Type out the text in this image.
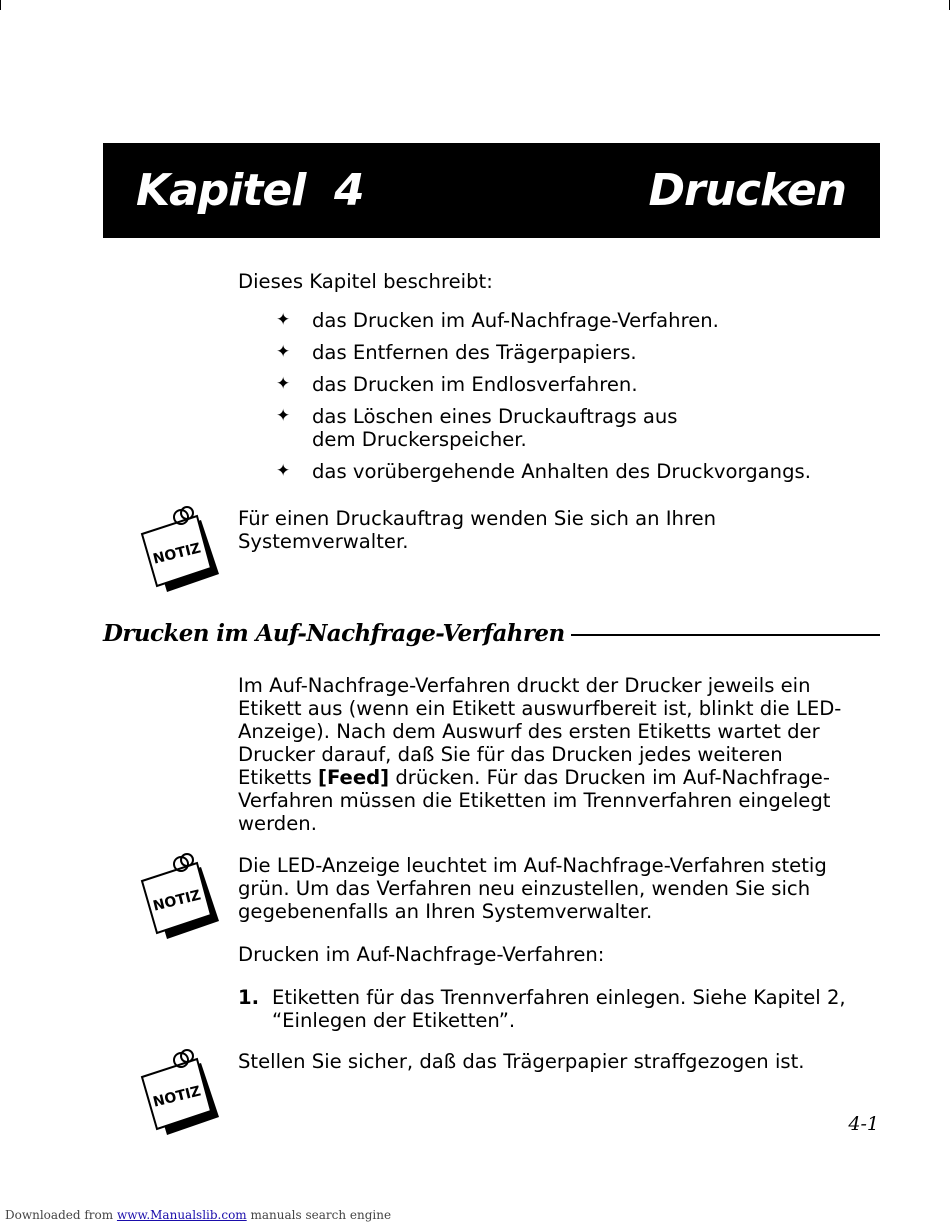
Kapitel  4	Drucken
Dieses Kapitel beschreibt:
✦ das Drucken im Auf-Nachfrage-Verfahren.
✦ das Entfernen des Trägerpapiers.
✦ das Drucken im Endlosverfahren.
✦ das Löschen eines Druckauftrags aus dem Druckerspeicher.
✦ das vorübergehende Anhalten des Druckvorgangs.
NOTIZ
Für einen Druckauftrag wenden Sie sich an Ihren Systemverwalter.
Drucken im Auf-Nachfrage-Verfahren
Im Auf-Nachfrage-Verfahren druckt der Drucker jeweils ein Etikett aus (wenn ein Etikett auswurfbereit ist, blinkt die LED-Anzeige). Nach dem Auswurf des ersten Etiketts wartet der Drucker darauf, daß Sie für das Drucken jedes weiteren Etiketts [Feed] drücken. Für das Drucken im Auf-Nachfrage-Verfahren müssen die Etiketten im Trennverfahren eingelegt werden.
NOTIZ
Die LED-Anzeige leuchtet im Auf-Nachfrage-Verfahren stetig grün. Um das Verfahren neu einzustellen, wenden Sie sich gegebenenfalls an Ihren Systemverwalter.
Drucken im Auf-Nachfrage-Verfahren:
1. Etiketten für das Trennverfahren einlegen. Siehe Kapitel 2, “Einlegen der Etiketten”.
NOTIZ
Stellen Sie sicher, daß das Trägerpapier straffgezogen ist.
4-1
Downloaded from www.Manualslib.com manuals search engine
